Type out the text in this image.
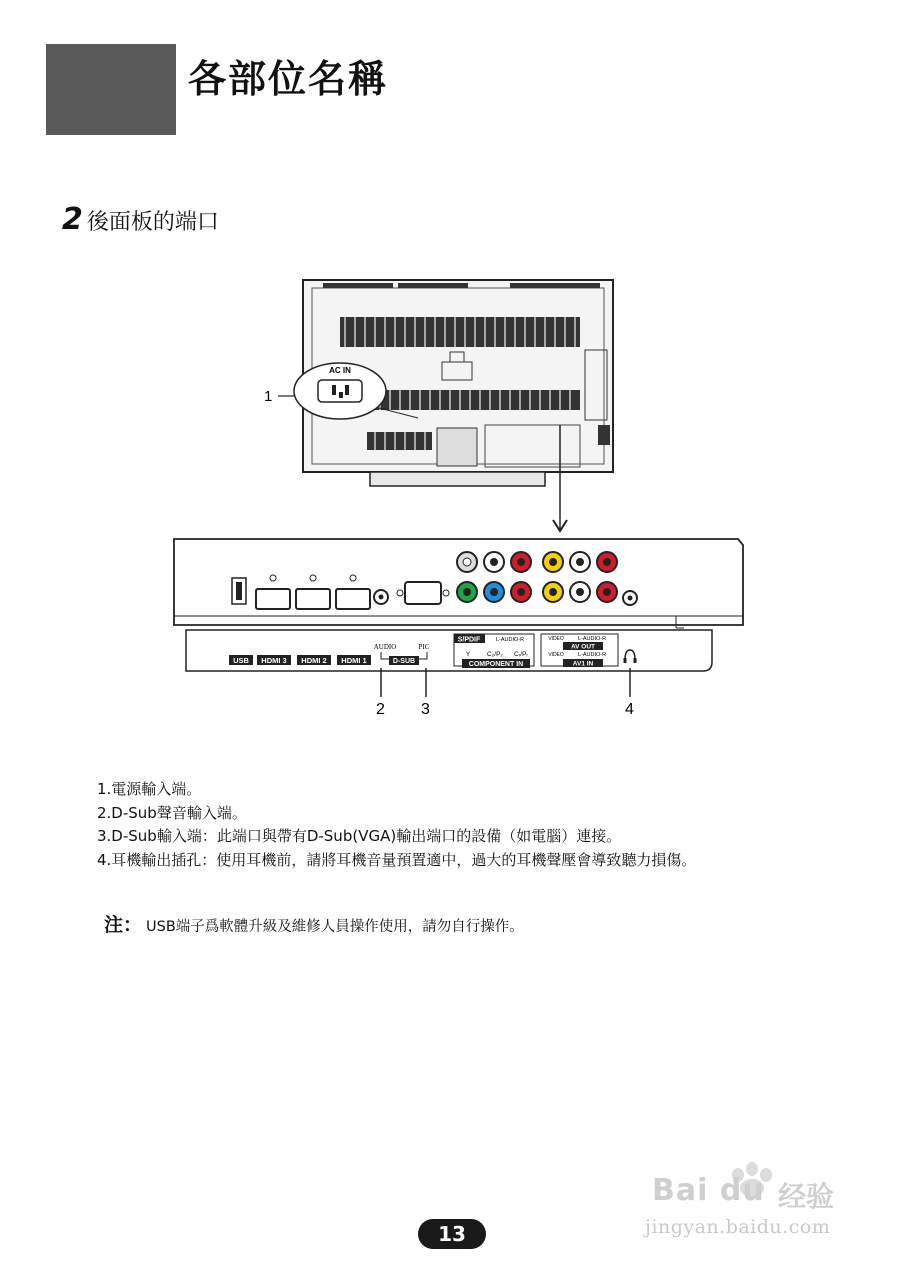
各部位名稱
2 後面板的端口
AC IN
1
USB HDMI 3 HDMI 2 HDMI 1
AUDIO	PIC
D-SUB
S/PDIF	L-AUDIO-R
Y	C₂/P₂ Cᵣ/Pᵣ
COMPONENT IN
VIDEO	L-AUDIO-R
AV OUT
VIDEO	L-AUDIO-R
AV1 IN
2 3	4
1.電源輸入端。
2.D-Sub聲音輸入端。
3.D-Sub輸入端：此端口與帶有D-Sub(VGA)輸出端口的設備（如電腦）連接。
4.耳機輸出插孔：使用耳機前，請將耳機音量預置適中，過大的耳機聲壓會導致聽力損傷。
注： USB端子爲軟體升級及維修人員操作使用，請勿自行操作。
Bai du 经验
jingyan.baidu.com
13
